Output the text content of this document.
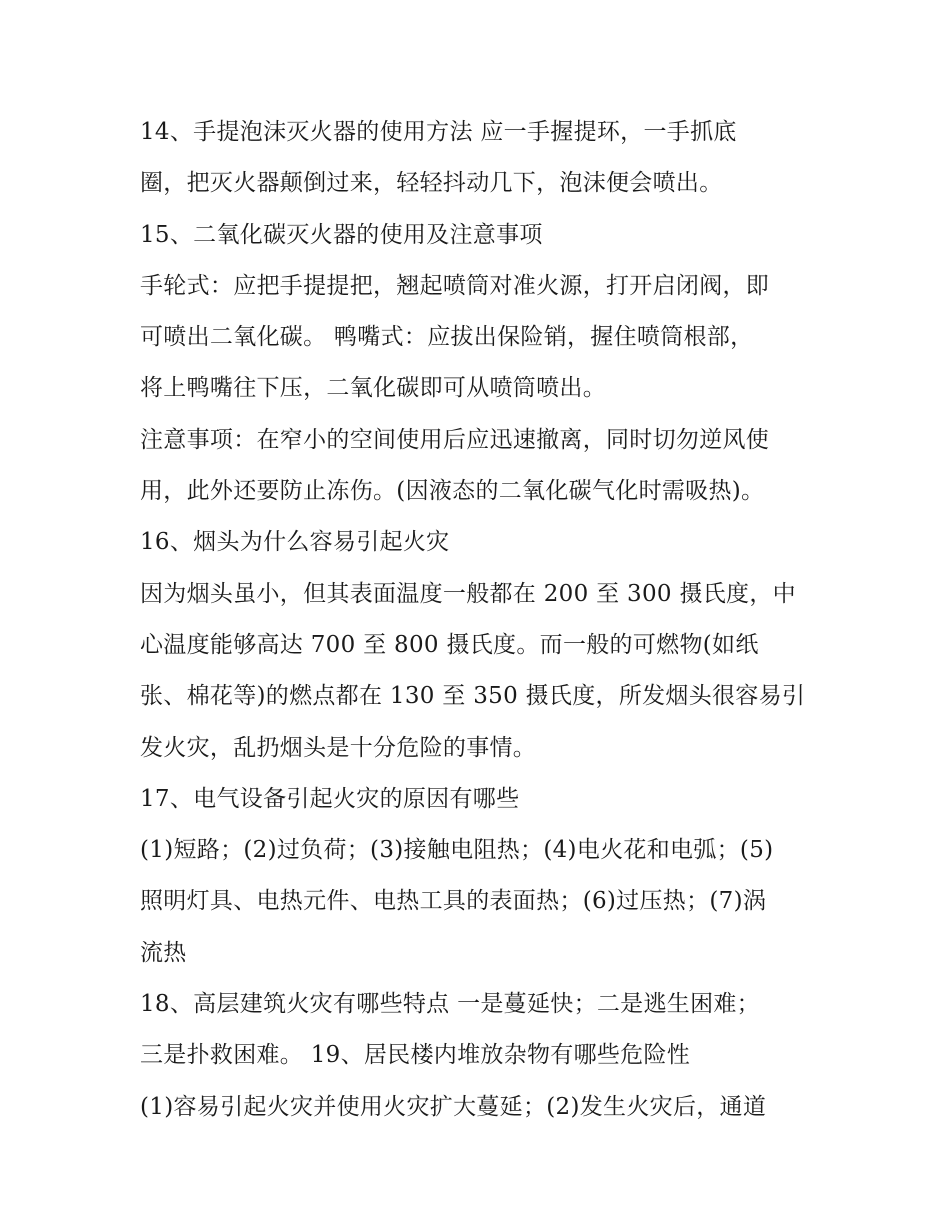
14、手提泡沫灭火器的使用方法 应一手握提环，一手抓底
圈，把灭火器颠倒过来，轻轻抖动几下，泡沫便会喷出。
15、二氧化碳灭火器的使用及注意事项
手轮式：应把手提提把，翘起喷筒对准火源，打开启闭阀，即
可喷出二氧化碳。 鸭嘴式：应拔出保险销，握住喷筒根部，
将上鸭嘴往下压，二氧化碳即可从喷筒喷出。
注意事项：在窄小的空间使用后应迅速撤离，同时切勿逆风使
用，此外还要防止冻伤。(因液态的二氧化碳气化时需吸热)。
16、烟头为什么容易引起火灾
因为烟头虽小，但其表面温度一般都在 200 至 300 摄氏度，中
心温度能够高达 700 至 800 摄氏度。而一般的可燃物(如纸
张、棉花等)的燃点都在 130 至 350 摄氏度，所发烟头很容易引
发火灾，乱扔烟头是十分危险的事情。
17、电气设备引起火灾的原因有哪些
(1)短路；(2)过负荷；(3)接触电阻热；(4)电火花和电弧；(5)
照明灯具、电热元件、电热工具的表面热；(6)过压热；(7)涡
流热
18、高层建筑火灾有哪些特点 一是蔓延快；二是逃生困难；
三是扑救困难。 19、居民楼内堆放杂物有哪些危险性
(1)容易引起火灾并使用火灾扩大蔓延；(2)发生火灾后，通道
